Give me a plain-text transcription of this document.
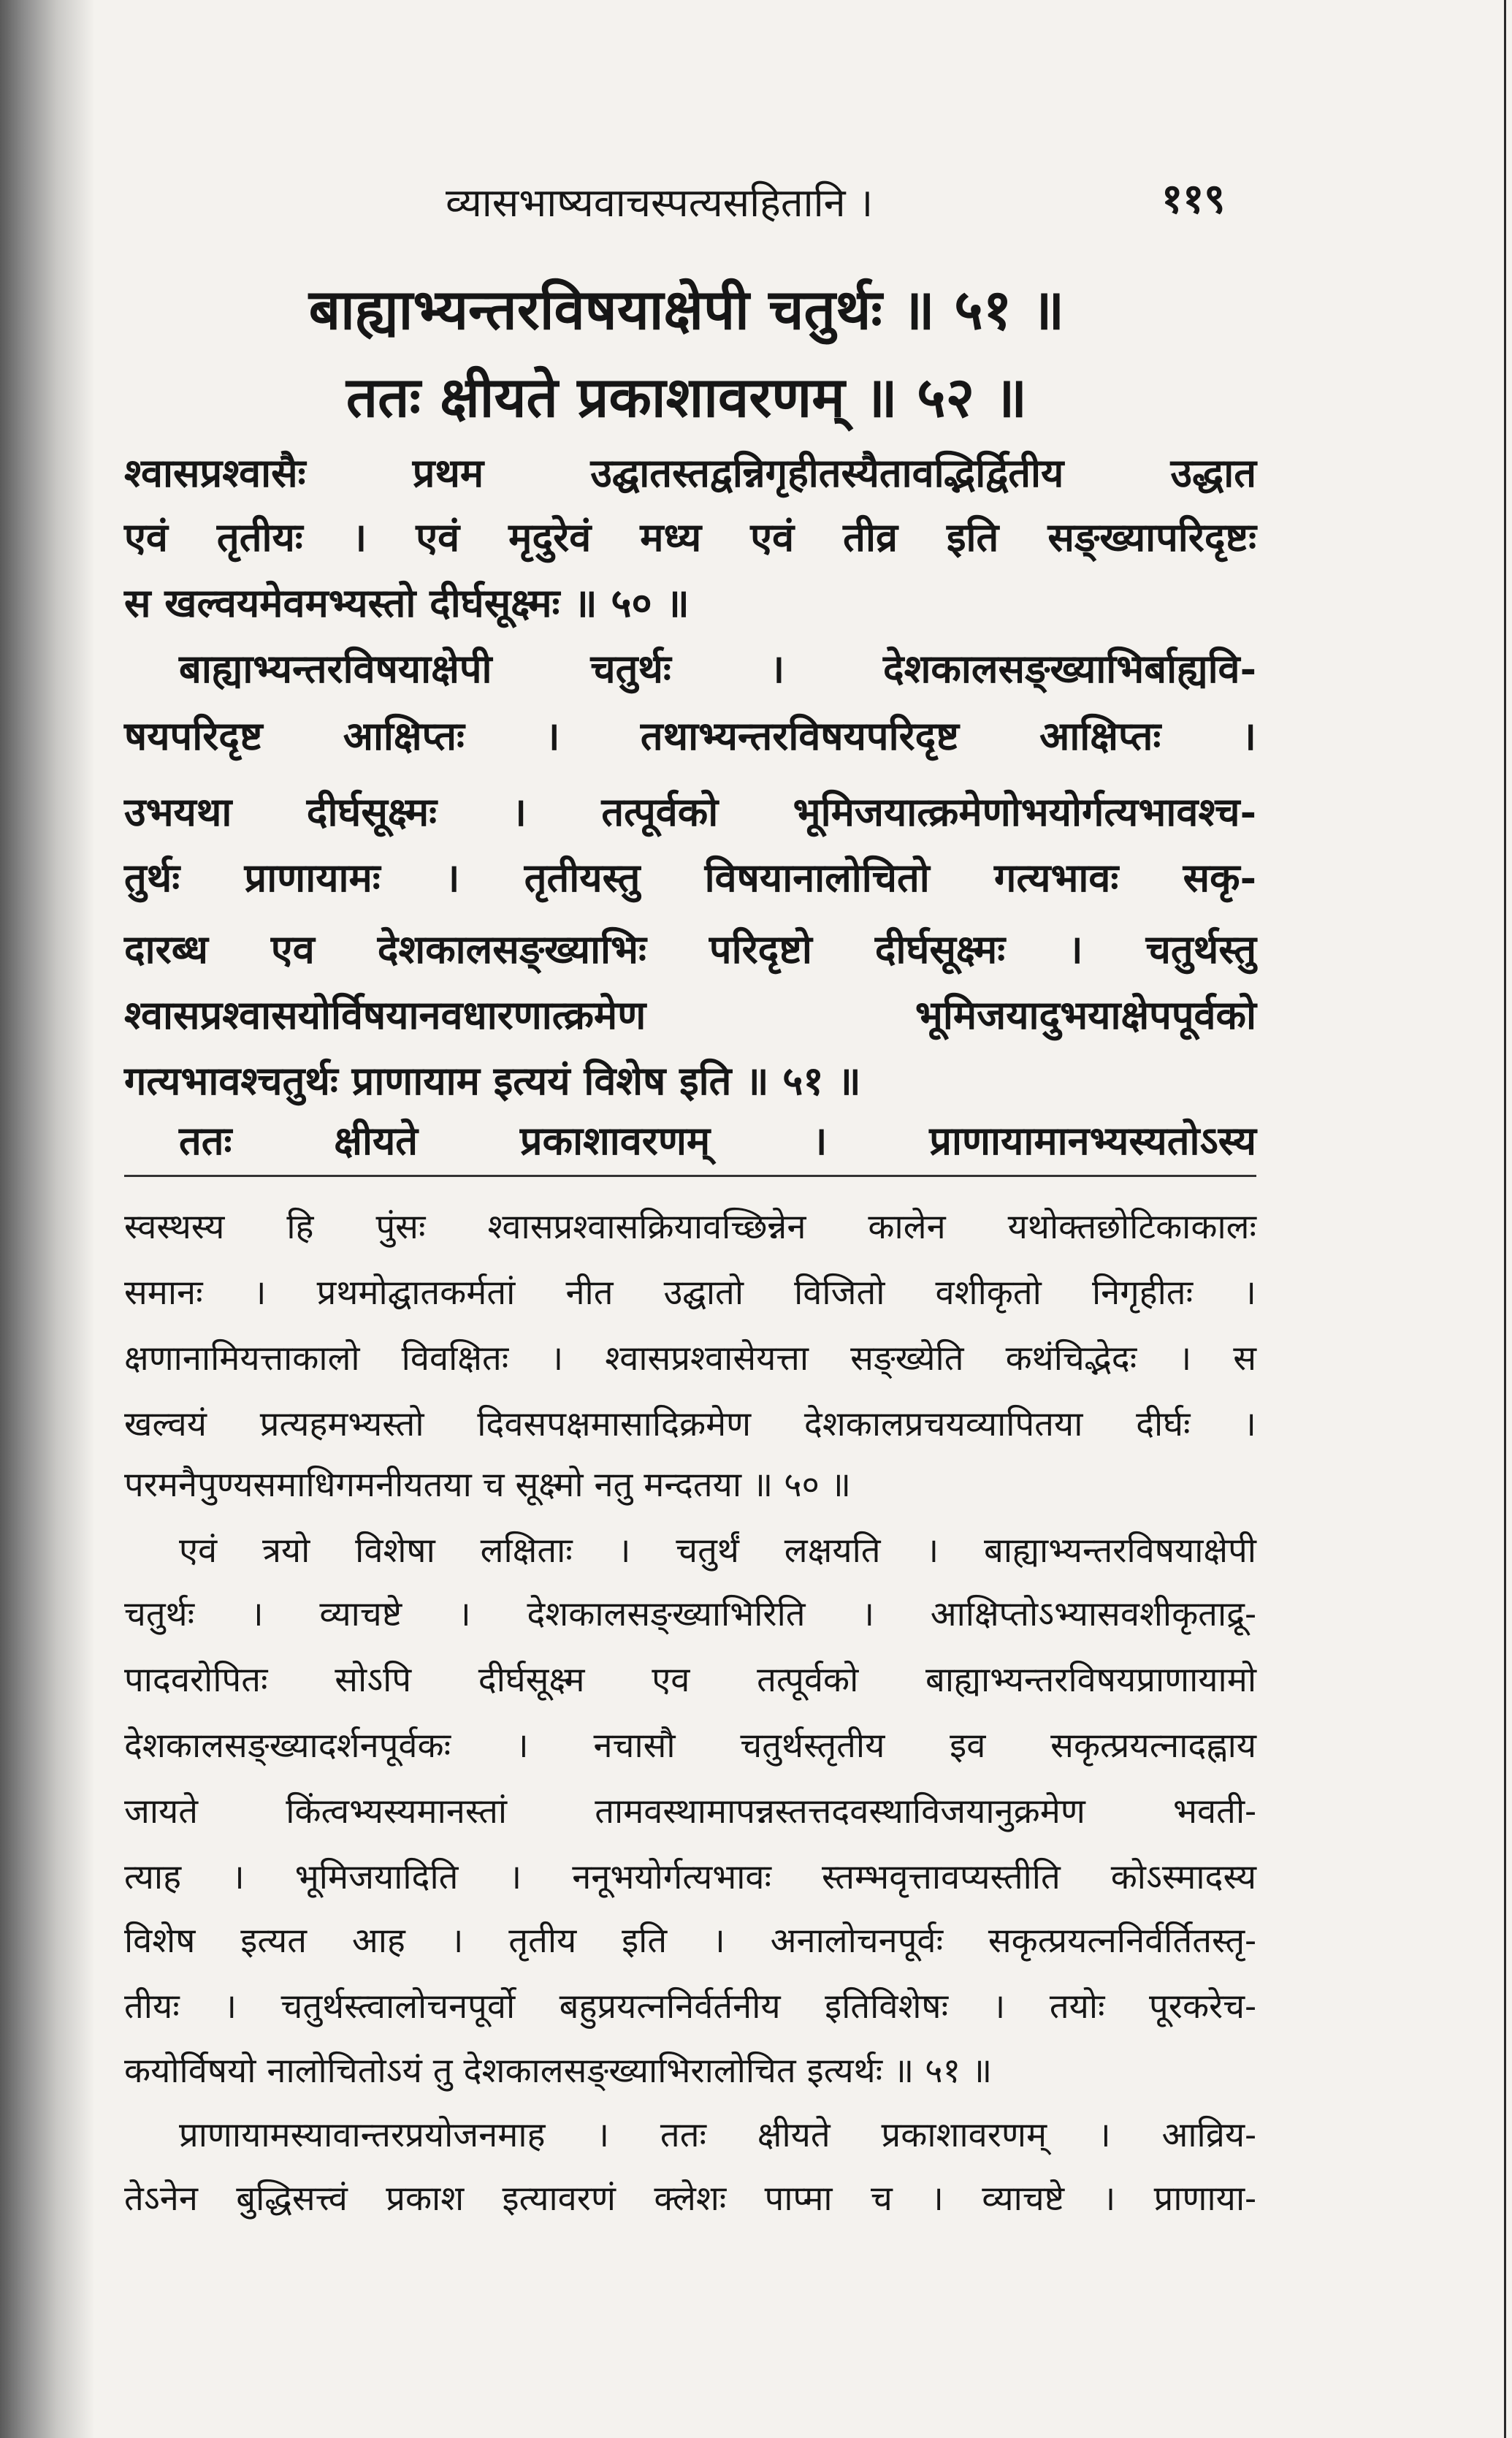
व्यासभाष्यवाचस्पत्यसहितानि ।	११९
बाह्याभ्यन्तरविषयाक्षेपी चतुर्थः ॥ ५१ ॥
ततः क्षीयते प्रकाशावरणम् ॥ ५२ ॥
श्वासप्रश्वासैः प्रथम उद्घातस्तद्वन्निगृहीतस्यैतावद्भिर्द्वितीय उद्धात
एवं तृतीयः । एवं मृदुरेवं मध्य एवं तीव्र इति सङ्ख्यापरिदृष्टः
स खल्वयमेवमभ्यस्तो दीर्घसूक्ष्मः ॥ ५० ॥
बाह्याभ्यन्तरविषयाक्षेपी चतुर्थः । देशकालसङ्ख्याभिर्बाह्यवि-
षयपरिदृष्ट आक्षिप्तः । तथाभ्यन्तरविषयपरिदृष्ट आक्षिप्तः ।
उभयथा दीर्घसूक्ष्मः । तत्पूर्वको भूमिजयात्क्रमेणोभयोर्गत्यभावश्च-
तुर्थः प्राणायामः । तृतीयस्तु विषयानालोचितो गत्यभावः सकृ-
दारब्ध एव देशकालसङ्ख्याभिः परिदृष्टो दीर्घसूक्ष्मः । चतुर्थस्तु
श्वासप्रश्वासयोर्विषयानवधारणात्क्रमेण भूमिजयादुभयाक्षेपपूर्वको
गत्यभावश्चतुर्थः प्राणायाम इत्ययं विशेष इति ॥ ५१ ॥
ततः क्षीयते प्रकाशावरणम् । प्राणायामानभ्यस्यतोऽस्य
स्वस्थस्य हि पुंसः श्वासप्रश्वासक्रियावच्छिन्नेन कालेन यथोक्तछोटिकाकालः
समानः । प्रथमोद्घातकर्मतां नीत उद्घातो विजितो वशीकृतो निगृहीतः ।
क्षणानामियत्ताकालो विवक्षितः । श्वासप्रश्वासेयत्ता सङ्ख्येति कथंचिद्भेदः । स
खल्वयं प्रत्यहमभ्यस्तो दिवसपक्षमासादिक्रमेण देशकालप्रचयव्यापितया दीर्घः ।
परमनैपुण्यसमाधिगमनीयतया च सूक्ष्मो नतु मन्दतया ॥ ५० ॥
एवं त्रयो विशेषा लक्षिताः । चतुर्थं लक्षयति । बाह्याभ्यन्तरविषयाक्षेपी
चतुर्थः । व्याचष्टे । देशकालसङ्ख्याभिरिति । आक्षिप्तोऽभ्यासवशीकृताद्रू-
पादवरोपितः सोऽपि दीर्घसूक्ष्म एव तत्पूर्वको बाह्याभ्यन्तरविषयप्राणायामो
देशकालसङ्ख्यादर्शनपूर्वकः । नचासौ चतुर्थस्तृतीय इव सकृत्प्रयत्नादह्नाय
जायते किंत्वभ्यस्यमानस्तां तामवस्थामापन्नस्तत्तदवस्थाविजयानुक्रमेण भवती-
त्याह । भूमिजयादिति । ननूभयोर्गत्यभावः स्तम्भवृत्तावप्यस्तीति कोऽस्मादस्य
विशेष इत्यत आह । तृतीय इति । अनालोचनपूर्वः सकृत्प्रयत्ननिर्वर्तितस्तृ-
तीयः । चतुर्थस्त्वालोचनपूर्वो बहुप्रयत्ननिर्वर्तनीय इतिविशेषः । तयोः पूरकरेच-
कयोर्विषयो नालोचितोऽयं तु देशकालसङ्ख्याभिरालोचित इत्यर्थः ॥ ५१ ॥
प्राणायामस्यावान्तरप्रयोजनमाह । ततः क्षीयते प्रकाशावरणम् । आव्रिय-
तेऽनेन बुद्धिसत्त्वं प्रकाश इत्यावरणं क्लेशः पाप्मा च । व्याचष्टे । प्राणाया-
